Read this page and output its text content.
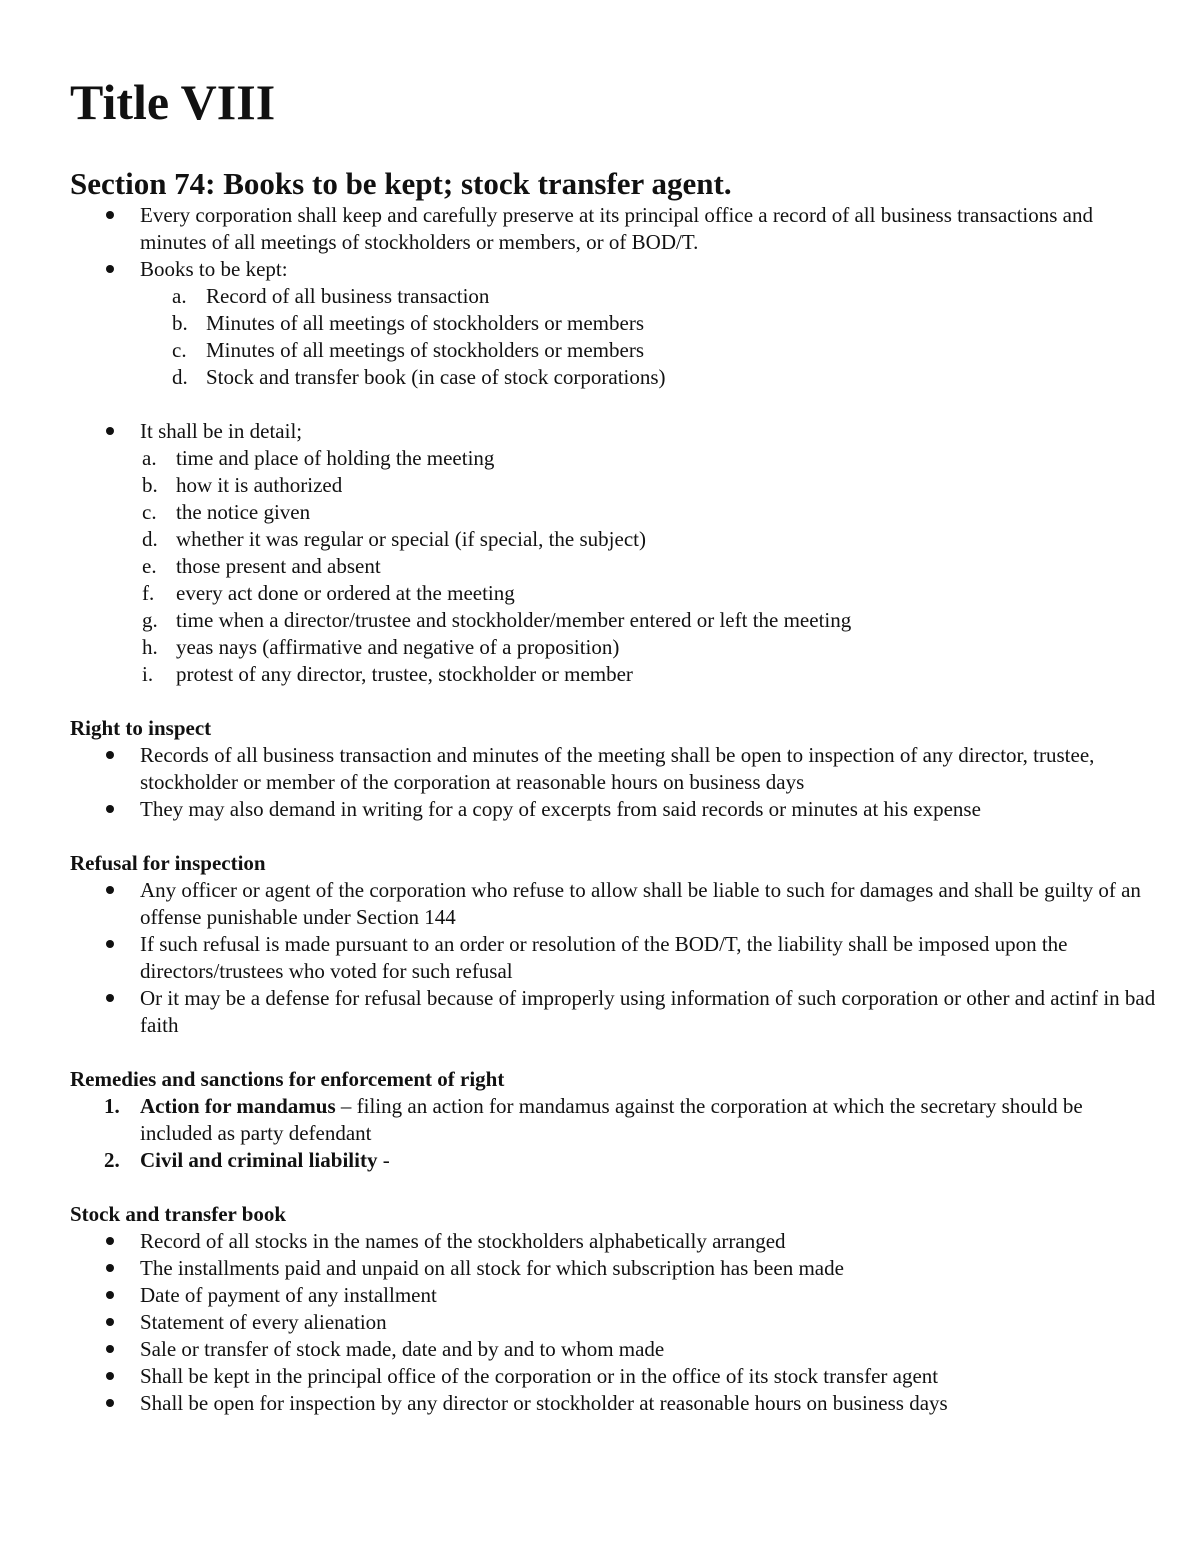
Title VIII
Section 74: Books to be kept; stock transfer agent.
Every corporation shall keep and carefully preserve at its principal office a record of all business transactions and minutes of all meetings of stockholders or members, or of BOD/T.
Books to be kept:
a. Record of all business transaction
b. Minutes of all meetings of stockholders or members
c. Minutes of all meetings of stockholders or members
d. Stock and transfer book (in case of stock corporations)
It shall be in detail;
a. time and place of holding the meeting
b. how it is authorized
c. the notice given
d. whether it was regular or special (if special, the subject)
e. those present and absent
f. every act done or ordered at the meeting
g. time when a director/trustee and stockholder/member entered or left the meeting
h. yeas nays (affirmative and negative of a proposition)
i. protest of any director, trustee, stockholder or member
Right to inspect
Records of all business transaction and minutes of the meeting shall be open to inspection of any director, trustee, stockholder or member of the corporation at reasonable hours on business days
They may also demand in writing for a copy of excerpts from said records or minutes at his expense
Refusal for inspection
Any officer or agent of the corporation who refuse to allow shall be liable to such for damages and shall be guilty of an offense punishable under Section 144
If such refusal is made pursuant to an order or resolution of the BOD/T, the liability shall be imposed upon the directors/trustees who voted for such refusal
Or it may be a defense for refusal because of improperly using information of such corporation or other and actinf in bad faith
Remedies and sanctions for enforcement of right
1. Action for mandamus – filing an action for mandamus against the corporation at which the secretary should be included as party defendant
2. Civil and criminal liability -
Stock and transfer book
Record of all stocks in the names of the stockholders alphabetically arranged
The installments paid and unpaid on all stock for which subscription has been made
Date of payment of any installment
Statement of every alienation
Sale or transfer of stock made, date and by and to whom made
Shall be kept in the principal office of the corporation or in the office of its stock transfer agent
Shall be open for inspection by any director or stockholder at reasonable hours on business days
